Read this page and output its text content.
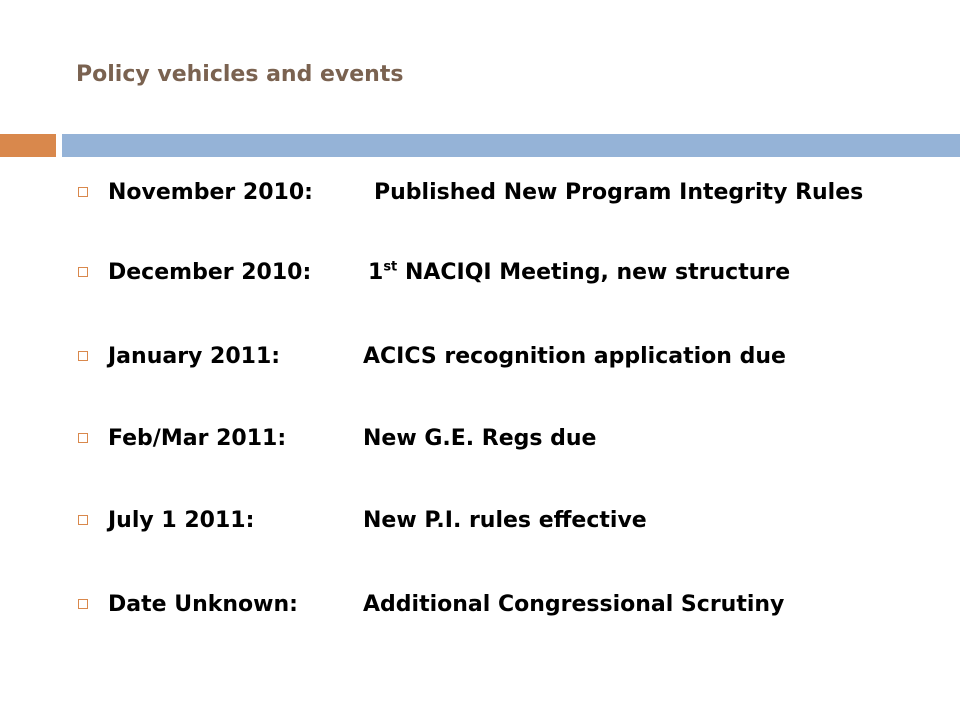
Policy vehicles and events
November 2010:	Published New Program Integrity Rules
December 2010:	1st NACIQI Meeting, new structure
January 2011:	ACICS recognition application due
Feb/Mar 2011:	New G.E. Regs due
July 1 2011:	New P.I. rules effective
Date Unknown:	Additional Congressional Scrutiny
